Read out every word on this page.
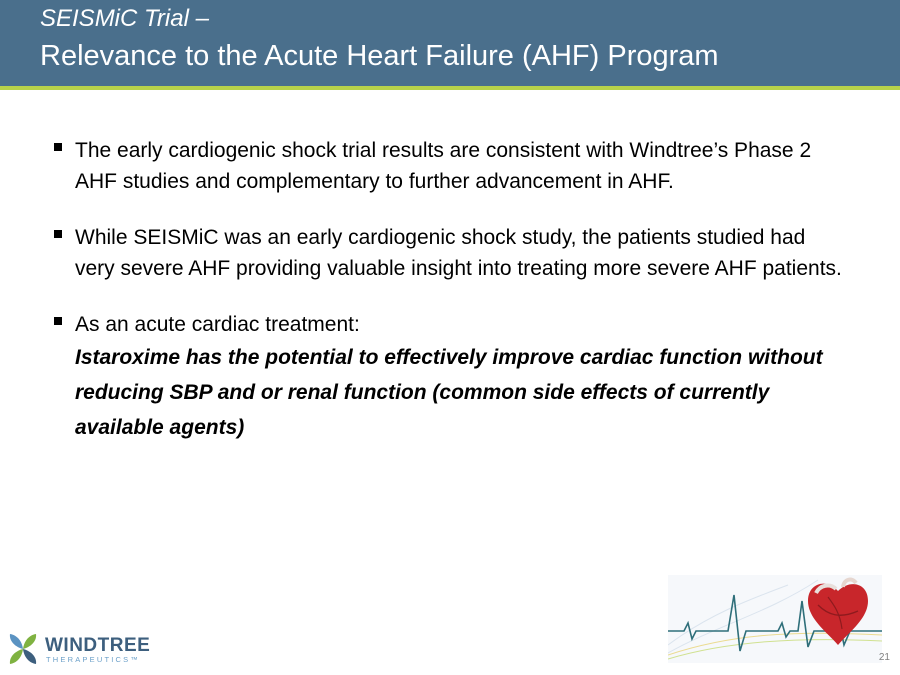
SEISMiC Trial –
Relevance to the Acute Heart Failure (AHF) Program
The early cardiogenic shock trial results are consistent with Windtree’s Phase 2 AHF studies and complementary to further advancement in AHF.
While SEISMiC was an early cardiogenic shock study, the patients studied had very severe AHF providing valuable insight into treating more severe AHF patients.
As an acute cardiac treatment:
Istaroxime has the potential to effectively improve cardiac function without reducing SBP and or renal function (common side effects of currently available agents)
WINDTREE
THERAPEUTICS™	21
